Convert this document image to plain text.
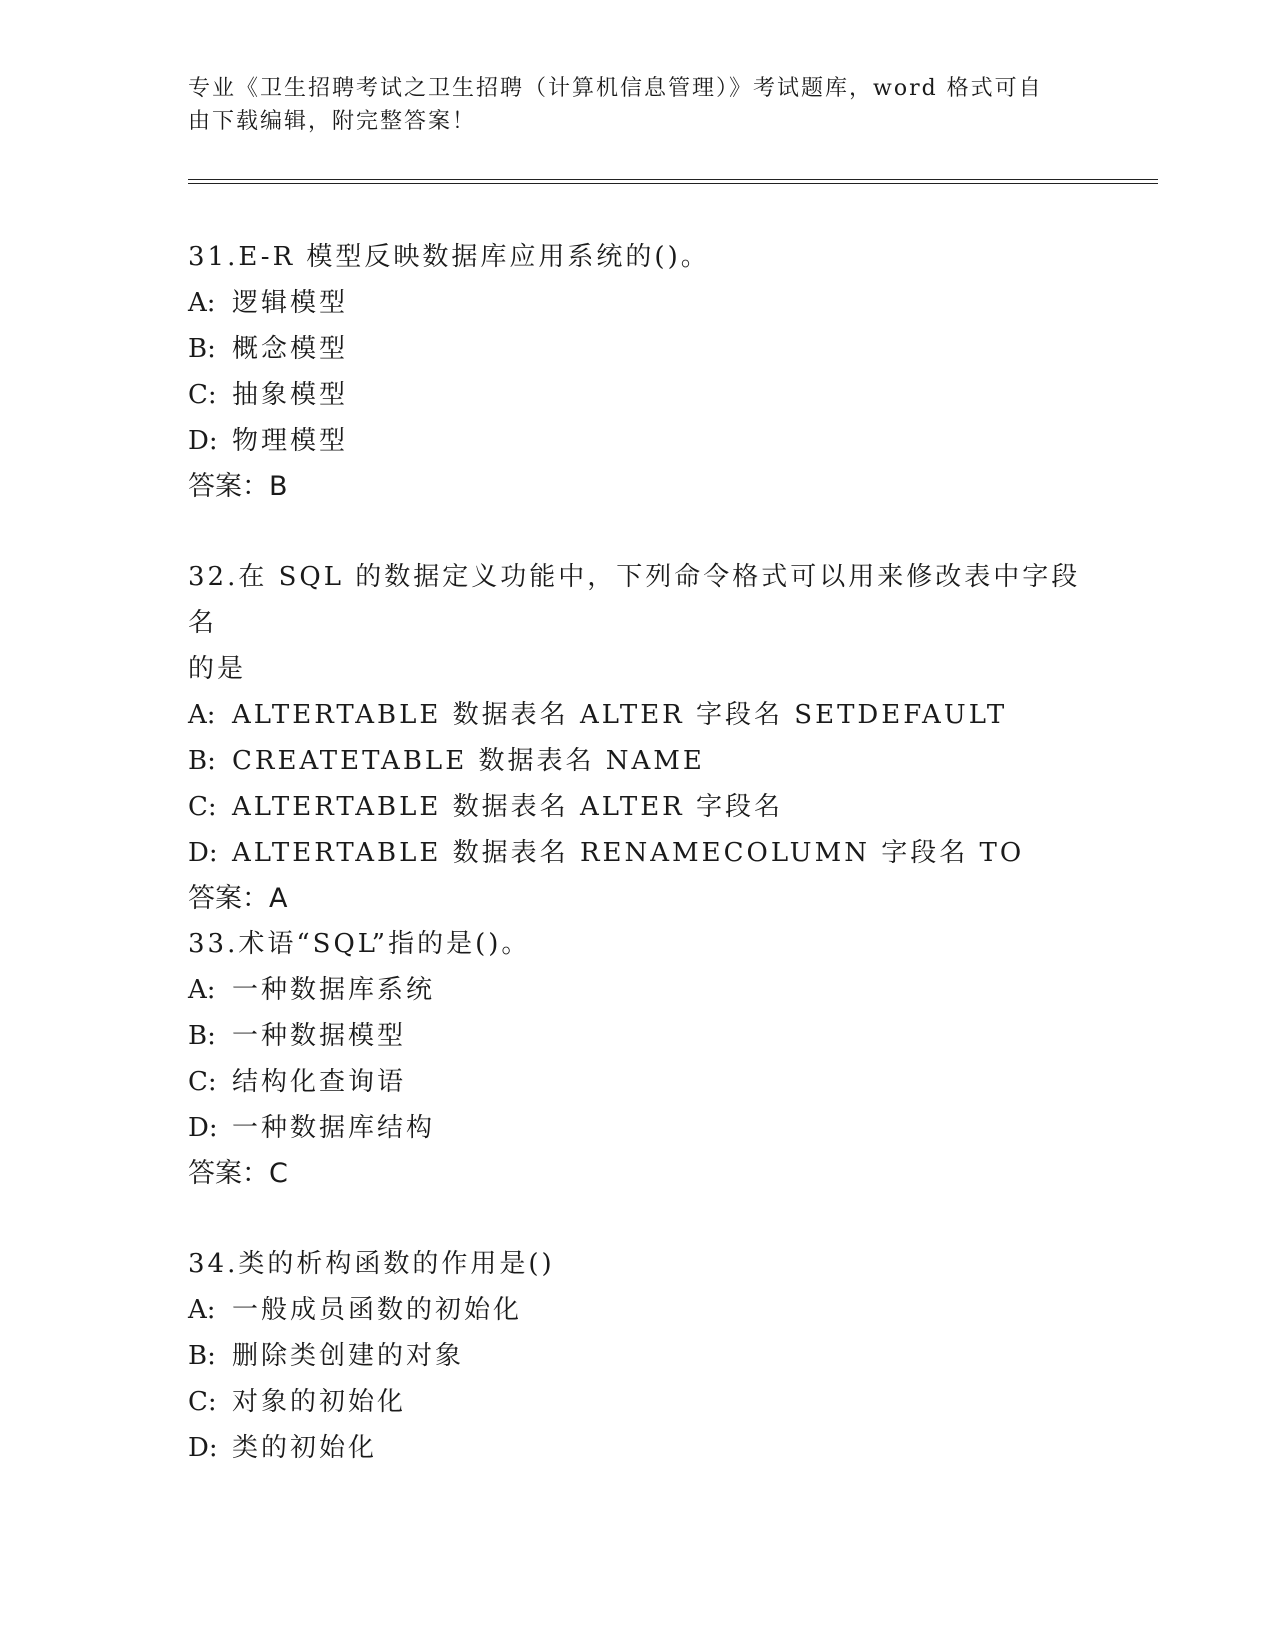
专业《卫生招聘考试之卫生招聘（计算机信息管理）》考试题库，word 格式可自
由下载编辑，附完整答案！

31.E-R 模型反映数据库应用系统的()。

A: 逻辑模型

B: 概念模型

C: 抽象模型

D: 物理模型

答案：B

32.在 SQL 的数据定义功能中，下列命令格式可以用来修改表中字段名

的是

A: ALTERTABLE 数据表名 ALTER 字段名 SETDEFAULT

B: CREATETABLE 数据表名 NAME

C: ALTERTABLE 数据表名 ALTER 字段名

D: ALTERTABLE 数据表名 RENAMECOLUMN 字段名 TO

答案：A

33.术语“SQL”指的是()。

A: 一种数据库系统

B: 一种数据模型

C: 结构化查询语

D: 一种数据库结构

答案：C

34.类的析构函数的作用是()

A: 一般成员函数的初始化

B: 删除类创建的对象

C: 对象的初始化

D: 类的初始化
